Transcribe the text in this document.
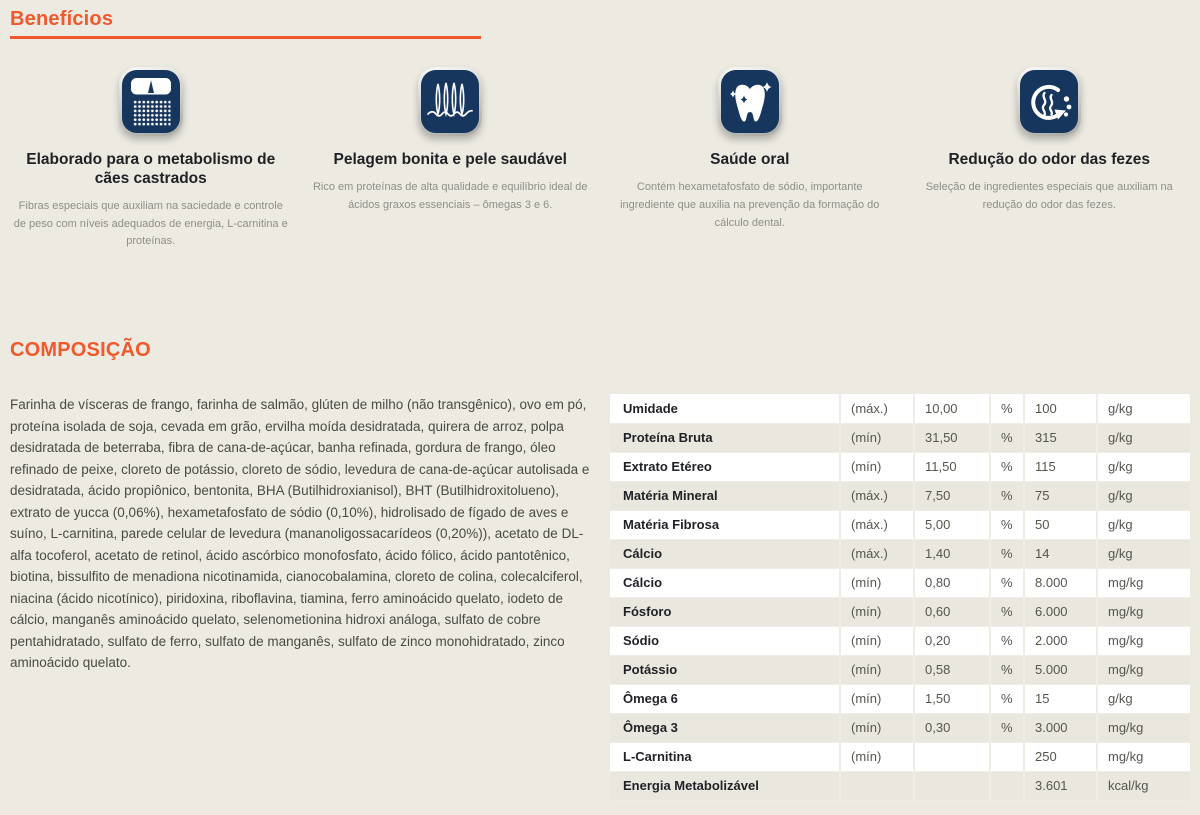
Benefícios
Elaborado para o metabolismo de cães castrados

Fibras especiais que auxiliam na saciedade e controle de peso com níveis adequados de energia, L-carnitina e proteínas.

Pelagem bonita e pele saudável

Rico em proteínas de alta qualidade e equilíbrio ideal de ácidos graxos essenciais – ômegas 3 e 6.

Saúde oral

Contém hexametafosfato de sódio, importante ingrediente que auxilia na prevenção da formação do cálculo dental.

Redução do odor das fezes

Seleção de ingredientes especiais que auxiliam na redução do odor das fezes.

COMPOSIÇÃO

Farinha de vísceras de frango, farinha de salmão, glúten de milho (não transgênico), ovo em pó, proteína isolada de soja, cevada em grão, ervilha moída desidratada, quirera de arroz, polpa desidratada de beterraba, fibra de cana-de-açúcar, banha refinada, gordura de frango, óleo refinado de peixe, cloreto de potássio, cloreto de sódio, levedura de cana-de-açúcar autolisada e desidratada, ácido propiônico, bentonita, BHA (Butilhidroxianisol), BHT (Butilhidroxitolueno), extrato de yucca (0,06%), hexametafosfato de sódio (0,10%), hidrolisado de fígado de aves e suíno, L-carnitina, parede celular de levedura (mananoligossacarídeos (0,20%)), acetato de DL-alfa tocoferol, acetato de retinol, ácido ascórbico monofosfato, ácido fólico, ácido pantotênico, biotina, bissulfito de menadiona nicotinamida, cianocobalamina, cloreto de colina, colecalciferol, niacina (ácido nicotínico), piridoxina, riboflavina, tiamina, ferro aminoácido quelato, iodeto de cálcio, manganês aminoácido quelato, selenometionina hidroxi análoga, sulfato de cobre pentahidratado, sulfato de ferro, sulfato de manganês, sulfato de zinco monohidratado, zinco aminoácido quelato.

Umidade	(máx.)	10,00	%	100	g/kg
Proteína Bruta	(mín)	31,50	%	315	g/kg
Extrato Etéreo	(mín)	11,50	%	115	g/kg
Matéria Mineral	(máx.)	7,50	%	75	g/kg
Matéria Fibrosa	(máx.)	5,00	%	50	g/kg
Cálcio	(máx.)	1,40	%	14	g/kg
Cálcio	(mín)	0,80	%	8.000	mg/kg
Fósforo	(mín)	0,60	%	6.000	mg/kg
Sódio	(mín)	0,20	%	2.000	mg/kg
Potássio	(mín)	0,58	%	5.000	mg/kg
Ômega 6	(mín)	1,50	%	15	g/kg
Ômega 3	(mín)	0,30	%	3.000	mg/kg
L-Carnitina	(mín)			250	mg/kg
Energia Metabolizável				3.601	kcal/kg
